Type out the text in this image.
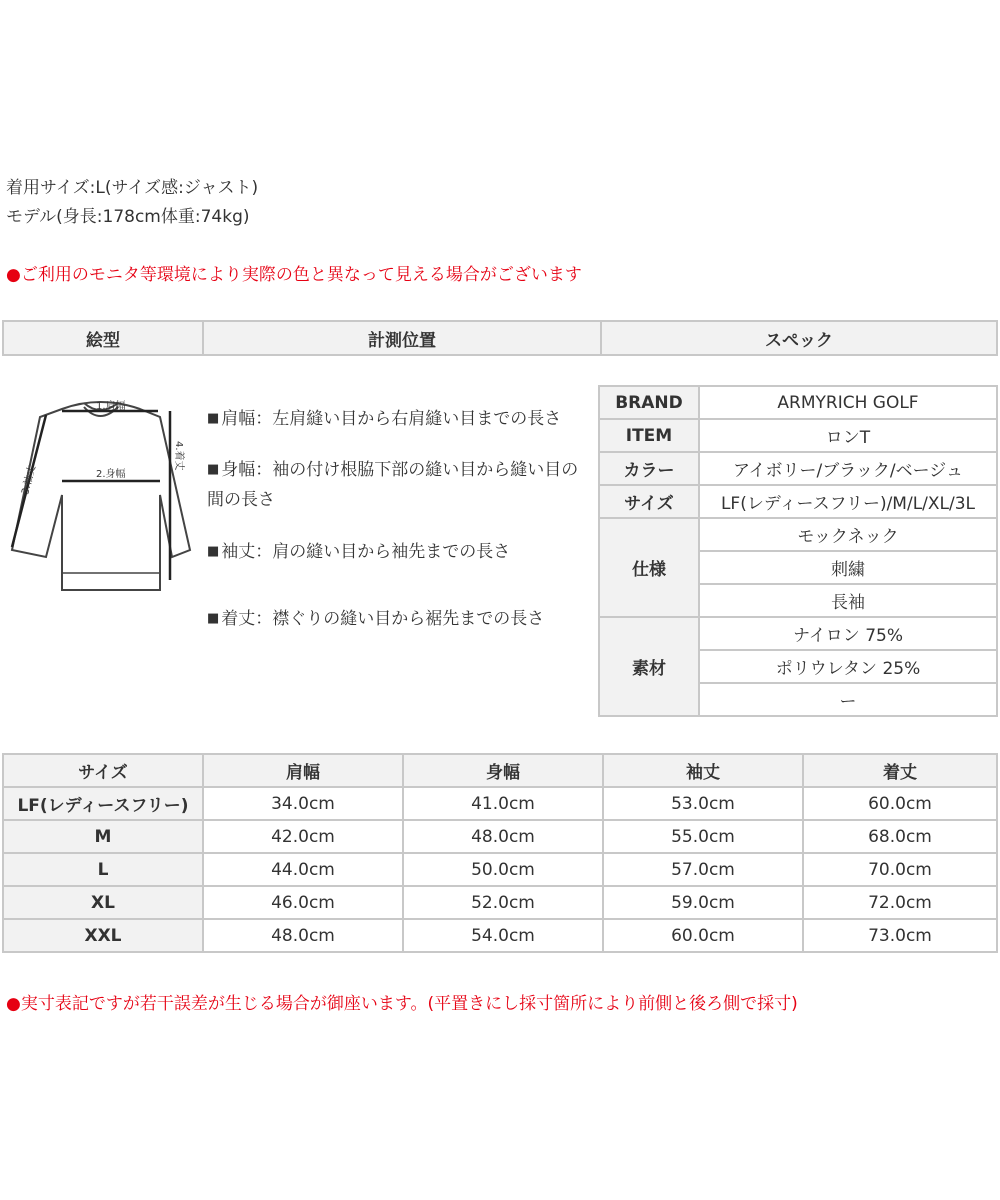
着用サイズ:L(サイズ感:ジャスト)
モデル(身長:178cm体重:74kg)
●ご利用のモニタ等環境により実際の色と異なって見える場合がございます
絵型	計測位置	スペック
1.肩幅
2.身幅
3.袖丈
4.着丈
■ 肩幅：左肩縫い目から右肩縫い目までの長さ
■ 身幅：袖の付け根脇下部の縫い目から縫い目の間の長さ
■ 袖丈：肩の縫い目から袖先までの長さ
■ 着丈：襟ぐりの縫い目から裾先までの長さ
BRAND	ARMYRICH GOLF
ITEM	ロンT
カラー	アイボリー/ブラック/ベージュ
サイズ	LF(レディースフリー)/M/L/XL/3L
仕様	モックネック
	刺繍
	長袖
素材	ナイロン 75%
	ポリウレタン 25%
	ー
サイズ	肩幅	身幅	袖丈	着丈
LF(レディースフリー)	34.0cm	41.0cm	53.0cm	60.0cm
M	42.0cm	48.0cm	55.0cm	68.0cm
L	44.0cm	50.0cm	57.0cm	70.0cm
XL	46.0cm	52.0cm	59.0cm	72.0cm
XXL	48.0cm	54.0cm	60.0cm	73.0cm
●実寸表記ですが若干誤差が生じる場合が御座います。(平置きにし採寸箇所により前側と後ろ側で採寸)
